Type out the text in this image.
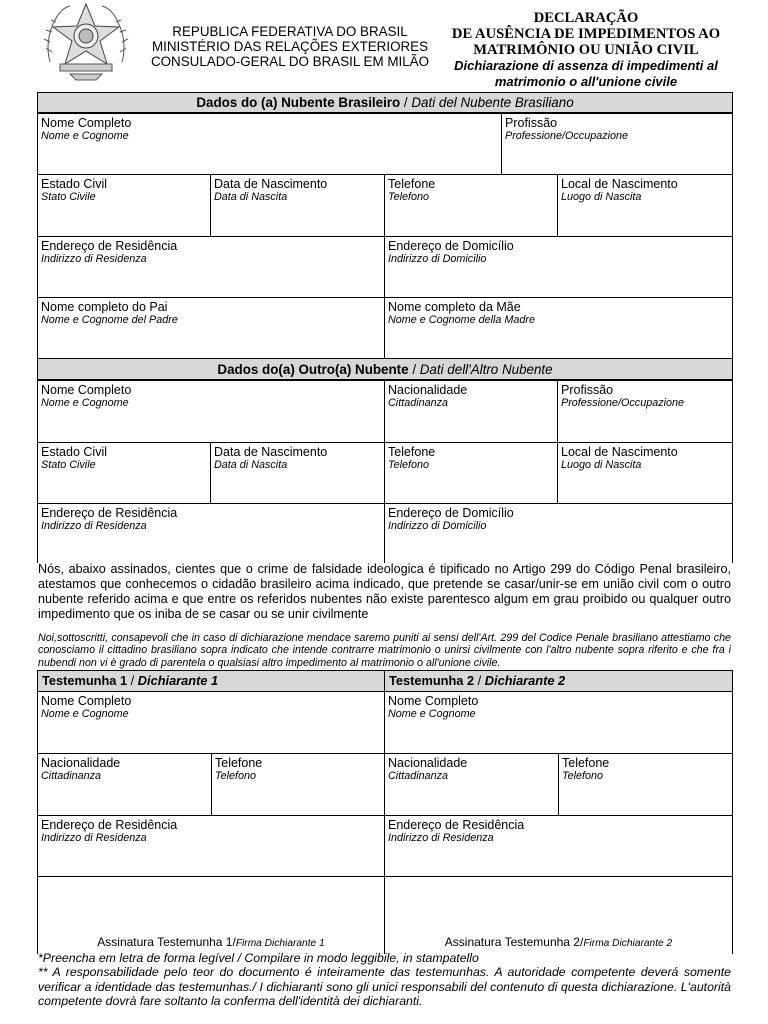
REPUBLICA FEDERATIVA DO BRASIL
MINISTÉRIO DAS RELAÇÕES EXTERIORES
CONSULADO-GERAL DO BRASIL EM MILÃO
DECLARAÇÃO
DE AUSÊNCIA DE IMPEDIMENTOS AO
MATRIMÔNIO OU UNIÃO CIVIL
Dichiarazione di assenza di impedimenti al
matrimonio o all'unione civile
Dados do (a) Nubente Brasileiro / Dati del Nubente Brasiliano
Nome Completo
Nome e Cognome
Profissão
Professione/Occupazione
Estado Civil
Stato Civile
Data de Nascimento
Data di Nascita
Telefone
Telefono
Local de Nascimento
Luogo di Nascita
Endereço de Residência
Indirizzo di Residenza
Endereço de Domicílio
Indirizzo di Domicilio
Nome completo do Pai
Nome e Cognome del Padre
Nome completo da Mãe
Nome e Cognome della Madre
Dados do(a) Outro(a) Nubente / Dati dell'Altro Nubente
Nome Completo
Nome e Cognome
Nacionalidade
Cittadinanza
Profissão
Professione/Occupazione
Estado Civil
Stato Civile
Data de Nascimento
Data di Nascita
Telefone
Telefono
Local de Nascimento
Luogo di Nascita
Endereço de Residência
Indirizzo di Residenza
Endereço de Domicílio
Indirizzo di Domicilio
Nós, abaixo assinados, cientes que o crime de falsidade ideologica é tipificado no Artigo 299 do Código Penal brasileiro, atestamos que conhecemos o cidadão brasileiro acima indicado, que pretende se casar/unir-se em união civil com o outro nubente referido acima e que entre os referidos nubentes não existe parentesco algum em grau proibido ou qualquer outro impedimento que os iniba de se casar ou se unir civilmente
Noi,sottoscritti, consapevoli che in caso di dichiarazione mendace saremo puniti ai sensi dell'Art. 299 del Codice Penale brasiliano attestiamo che conosciamo il cittadino brasiliano sopra indicato che intende contrarre matrimonio o unirsi civilmente con l'altro nubente sopra riferito e che fra i nubendi non vi è grado di parentela o qualsiasi altro impedimento al matrimonio o all'unione civile.
Testemunha 1 / Dichiarante 1	Testemunha 2 / Dichiarante 2
Nome Completo
Nome e Cognome
Nome Completo
Nome e Cognome
Nacionalidade
Cittadinanza
Telefone
Telefono
Nacionalidade
Cittadinanza
Telefone
Telefono
Endereço de Residência
Indirizzo di Residenza
Endereço de Residência
Indirizzo di Residenza
Assinatura Testemunha 1/Firma Dichiarante 1	Assinatura Testemunha 2/Firma Dichiarante 2
*Preencha em letra de forma legível / Compilare in modo leggibile, in stampatello
** A responsabilidade pelo teor do documento é inteiramente das testemunhas. A autoridade competente deverá somente verificar a identidade das testemunhas./ I dichiaranti sono gli unici responsabili del contenuto di questa dichiarazione. L'autorità competente dovrà fare soltanto la conferma dell'identità dei dichiaranti.
